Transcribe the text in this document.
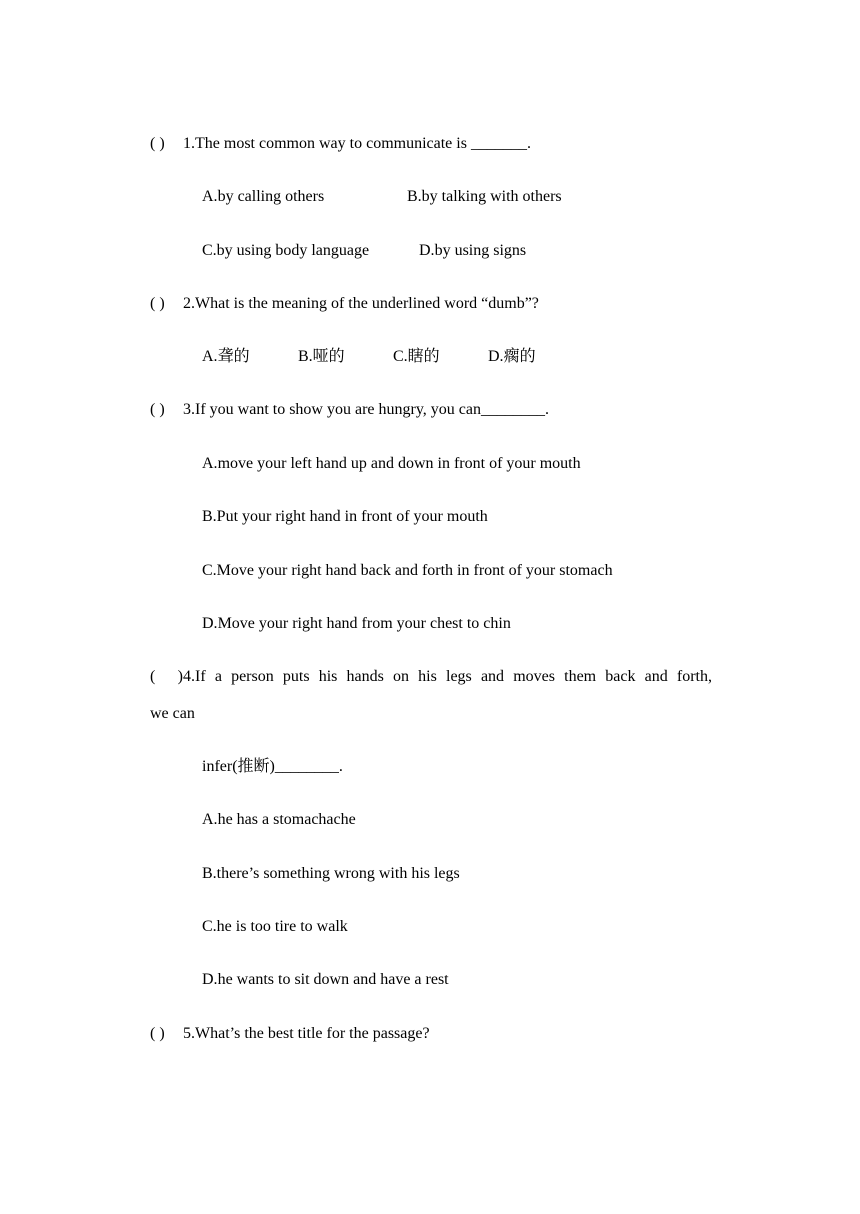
( ) 1.The most common way to communicate is _______.
A.by calling others	B.by talking with others
C.by using body language	D.by using signs
( ) 2.What is the meaning of the underlined word “dumb”?
A.聋的	B.哑的	C.瞎的	D.瘸的
( ) 3.If you want to show you are hungry, you can________.
A.move your left hand up and down in front of your mouth
B.Put your right hand in front of your mouth
C.Move your right hand back and forth in front of your stomach
D.Move your right hand from your chest to chin
( )4.If a person puts his hands on his legs and moves them back and forth,
we can
infer(推断)________.
A.he has a stomachache
B.there’s something wrong with his legs
C.he is too tire to walk
D.he wants to sit down and have a rest
( ) 5.What’s the best title for the passage?
